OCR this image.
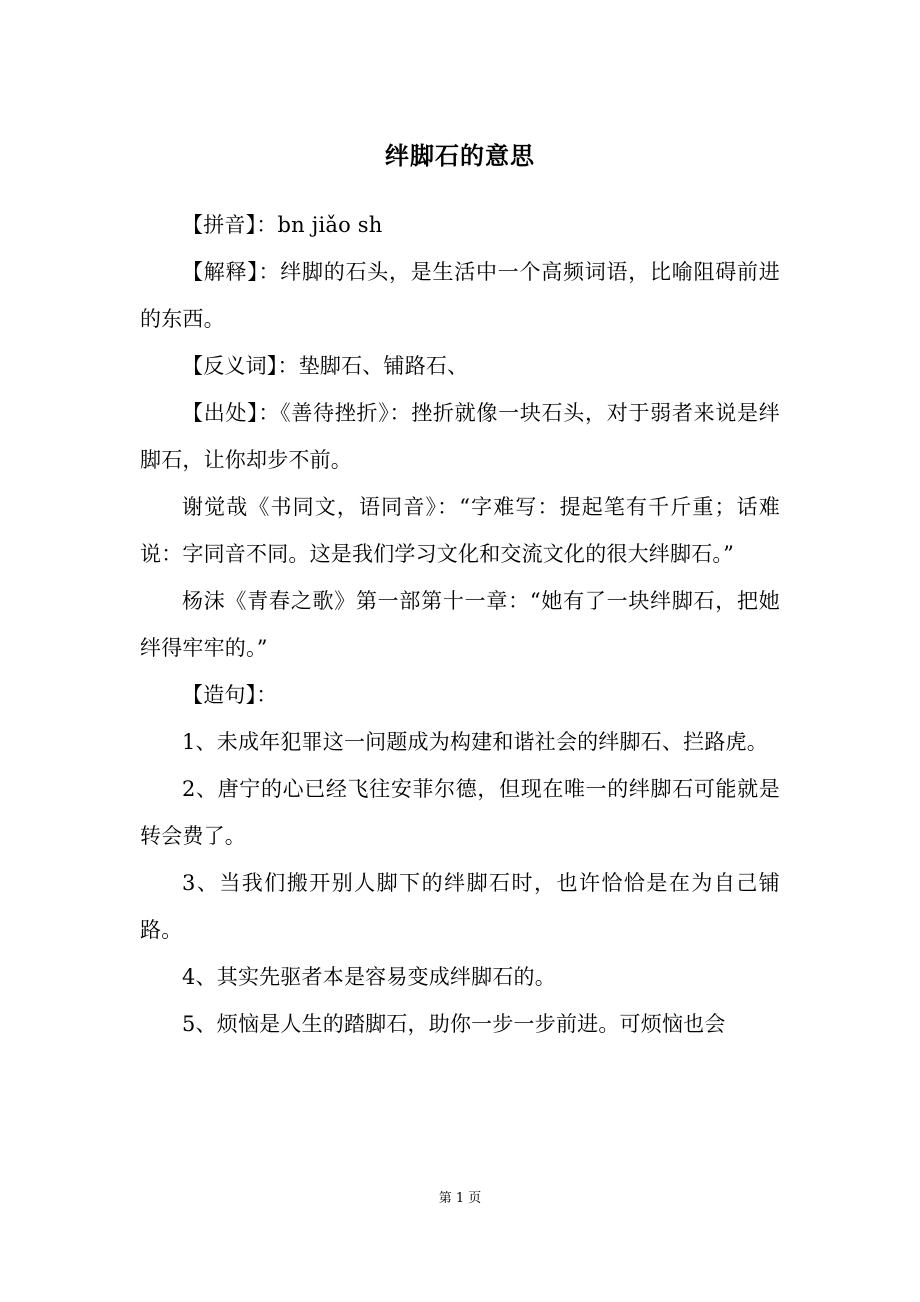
绊脚石的意思

【拼音】：bn jiǎo sh

【解释】：绊脚的石头，是生活中一个高频词语，比喻阻碍前进的东西。

【反义词】：垫脚石、铺路石、

【出处】：《善待挫折》：挫折就像一块石头，对于弱者来说是绊脚石，让你却步不前。

谢觉哉《书同文，语同音》：“字难写：提起笔有千斤重；话难说：字同音不同。这是我们学习文化和交流文化的很大绊脚石。”

杨沫《青春之歌》第一部第十一章：“她有了一块绊脚石，把她绊得牢牢的。”

【造句】：

1、未成年犯罪这一问题成为构建和谐社会的绊脚石、拦路虎。

2、唐宁的心已经飞往安菲尔德，但现在唯一的绊脚石可能就是转会费了。

3、当我们搬开别人脚下的绊脚石时，也许恰恰是在为自己铺路。

4、其实先驱者本是容易变成绊脚石的。

5、烦恼是人生的踏脚石，助你一步一步前进。可烦恼也会

第 1 页
